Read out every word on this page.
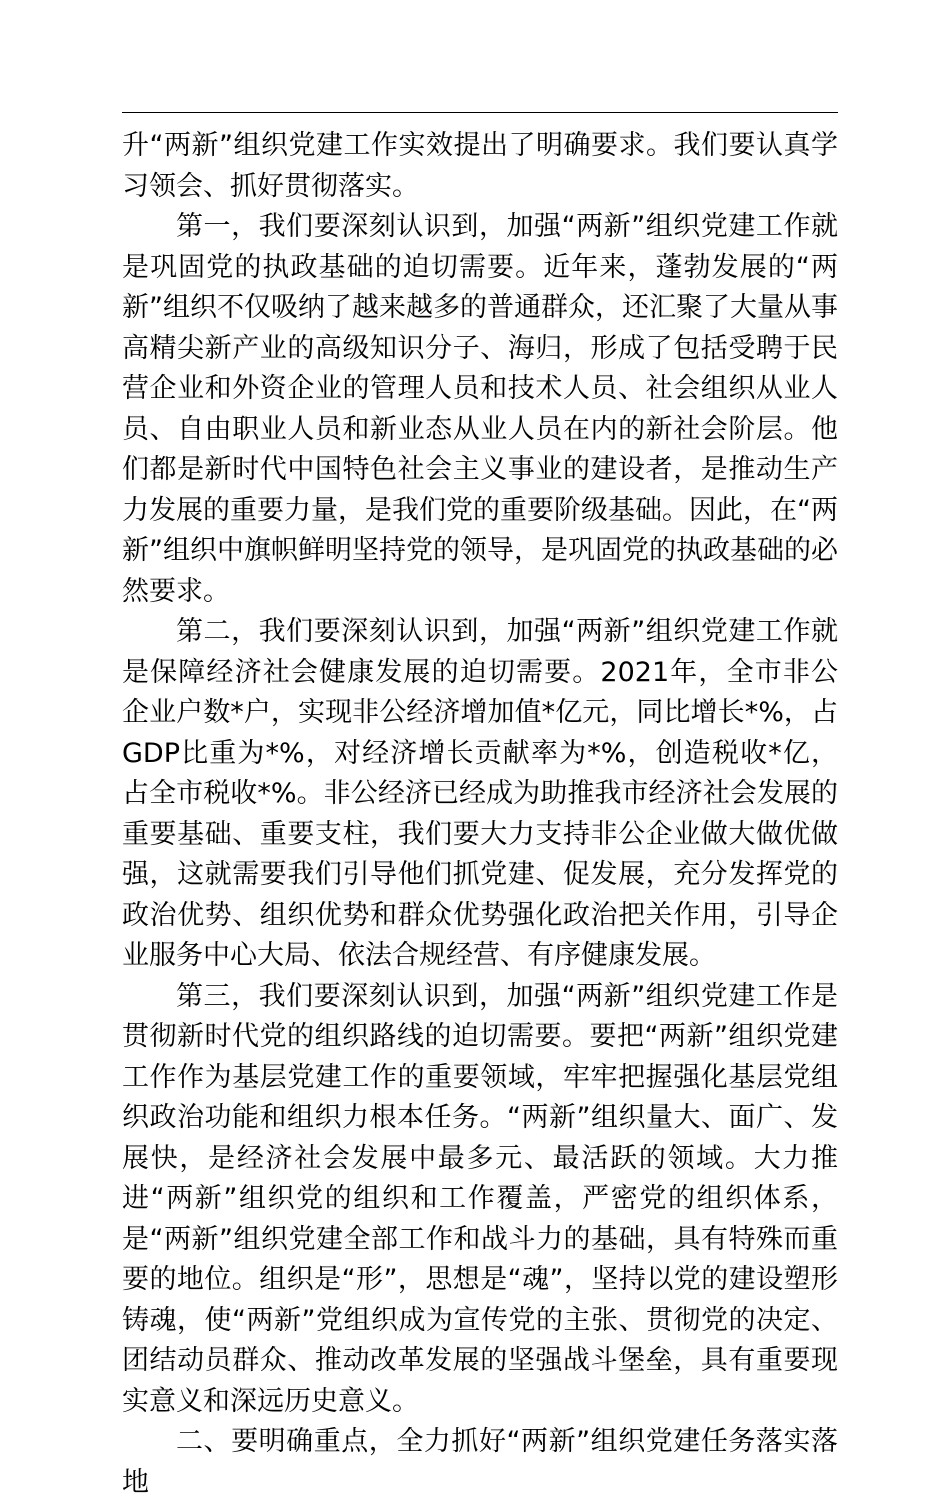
升“两新”组织党建工作实效提出了明确要求。我们要认真学习领会、抓好贯彻落实。

第一，我们要深刻认识到，加强“两新”组织党建工作就是巩固党的执政基础的迫切需要。近年来，蓬勃发展的“两新”组织不仅吸纳了越来越多的普通群众，还汇聚了大量从事高精尖新产业的高级知识分子、海归，形成了包括受聘于民营企业和外资企业的管理人员和技术人员、社会组织从业人员、自由职业人员和新业态从业人员在内的新社会阶层。他们都是新时代中国特色社会主义事业的建设者，是推动生产力发展的重要力量，是我们党的重要阶级基础。因此，在“两新”组织中旗帜鲜明坚持党的领导，是巩固党的执政基础的必然要求。

第二，我们要深刻认识到，加强“两新”组织党建工作就是保障经济社会健康发展的迫切需要。2021年，全市非公企业户数*户，实现非公经济增加值*亿元，同比增长*%，占GDP比重为*%，对经济增长贡献率为*%，创造税收*亿，占全市税收*%。非公经济已经成为助推我市经济社会发展的重要基础、重要支柱，我们要大力支持非公企业做大做优做强，这就需要我们引导他们抓党建、促发展，充分发挥党的政治优势、组织优势和群众优势强化政治把关作用，引导企业服务中心大局、依法合规经营、有序健康发展。

第三，我们要深刻认识到，加强“两新”组织党建工作是贯彻新时代党的组织路线的迫切需要。要把“两新”组织党建工作作为基层党建工作的重要领域，牢牢把握强化基层党组织政治功能和组织力根本任务。“两新”组织量大、面广、发展快，是经济社会发展中最多元、最活跃的领域。大力推进“两新”组织党的组织和工作覆盖，严密党的组织体系，是“两新”组织党建全部工作和战斗力的基础，具有特殊而重要的地位。组织是“形”，思想是“魂”，坚持以党的建设塑形铸魂，使“两新”党组织成为宣传党的主张、贯彻党的决定、团结动员群众、推动改革发展的坚强战斗堡垒，具有重要现实意义和深远历史意义。

二、要明确重点，全力抓好“两新”组织党建任务落实落地
